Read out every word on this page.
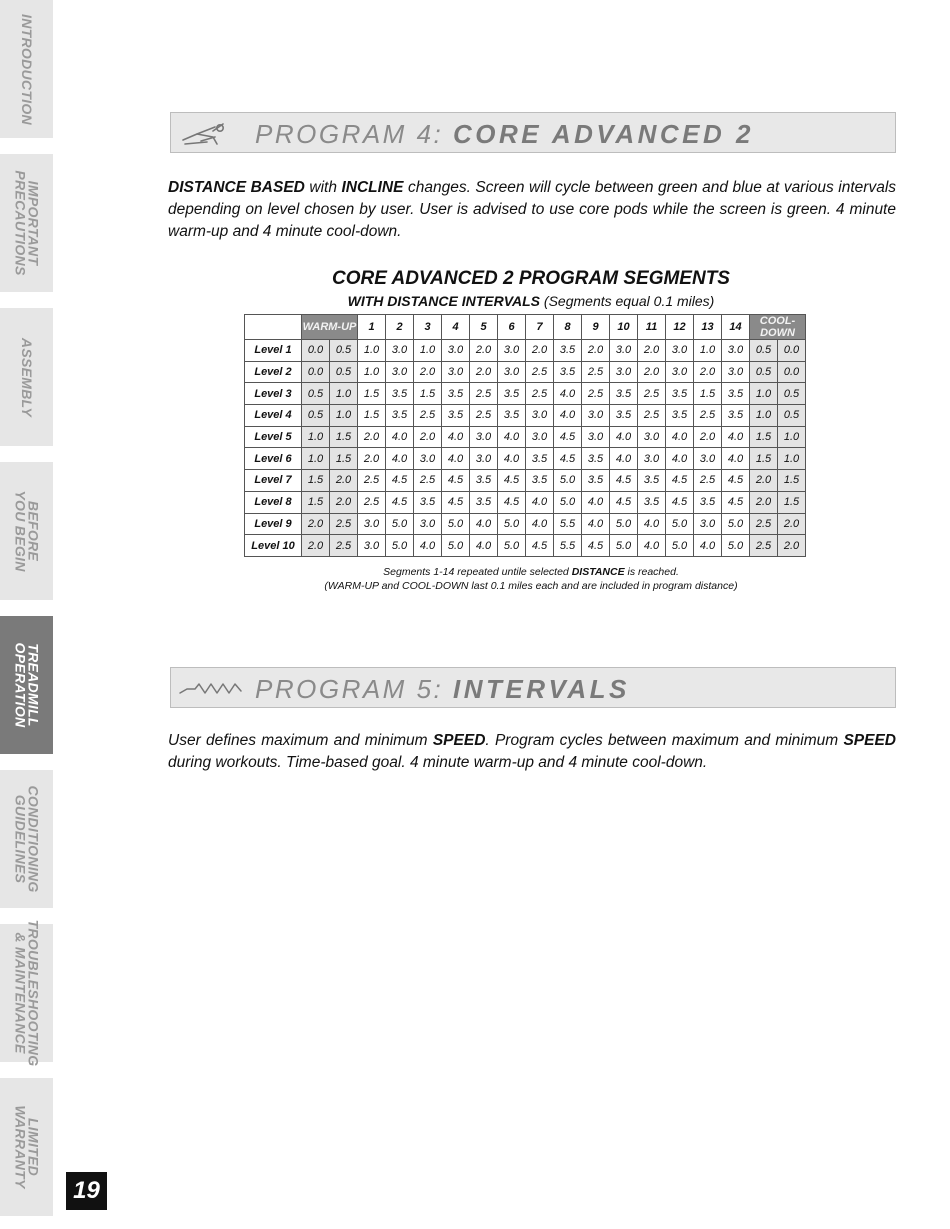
INTRODUCTION
IMPORTANT
PRECAUTIONS
ASSEMBLY
BEFORE
YOU BEGIN
TREADMILL
OPERATION
CONDITIONING
GUIDELINES
TROUBLESHOOTING
& MAINTENANCE
LIMITED
WARRANTY
19
PROGRAM 4: CORE ADVANCED 2
DISTANCE BASED with INCLINE changes. Screen will cycle between green and blue at various intervals depending on level chosen by user. User is advised to use core pods while the screen is green. 4 minute warm-up and 4 minute cool-down.
CORE ADVANCED 2 PROGRAM SEGMENTS
WITH DISTANCE INTERVALS (Segments equal 0.1 miles)
	WARM-UP		1	2	3	4	5	6	7	8	9	10	11	12	13	14	COOL-DOWN	
Level 1	0.0	0.5	1.0	3.0	1.0	3.0	2.0	3.0	2.0	3.5	2.0	3.0	2.0	3.0	1.0	3.0	0.5	0.0
Level 2	0.0	0.5	1.0	3.0	2.0	3.0	2.0	3.0	2.5	3.5	2.5	3.0	2.0	3.0	2.0	3.0	0.5	0.0
Level 3	0.5	1.0	1.5	3.5	1.5	3.5	2.5	3.5	2.5	4.0	2.5	3.5	2.5	3.5	1.5	3.5	1.0	0.5
Level 4	0.5	1.0	1.5	3.5	2.5	3.5	2.5	3.5	3.0	4.0	3.0	3.5	2.5	3.5	2.5	3.5	1.0	0.5
Level 5	1.0	1.5	2.0	4.0	2.0	4.0	3.0	4.0	3.0	4.5	3.0	4.0	3.0	4.0	2.0	4.0	1.5	1.0
Level 6	1.0	1.5	2.0	4.0	3.0	4.0	3.0	4.0	3.5	4.5	3.5	4.0	3.0	4.0	3.0	4.0	1.5	1.0
Level 7	1.5	2.0	2.5	4.5	2.5	4.5	3.5	4.5	3.5	5.0	3.5	4.5	3.5	4.5	2.5	4.5	2.0	1.5
Level 8	1.5	2.0	2.5	4.5	3.5	4.5	3.5	4.5	4.0	5.0	4.0	4.5	3.5	4.5	3.5	4.5	2.0	1.5
Level 9	2.0	2.5	3.0	5.0	3.0	5.0	4.0	5.0	4.0	5.5	4.0	5.0	4.0	5.0	3.0	5.0	2.5	2.0
Level 10	2.0	2.5	3.0	5.0	4.0	5.0	4.0	5.0	4.5	5.5	4.5	5.0	4.0	5.0	4.0	5.0	2.5	2.0
Segments 1-14 repeated untile selected DISTANCE is reached.
(WARM-UP and COOL-DOWN last 0.1 miles each and are included in program distance)
PROGRAM 5: INTERVALS
User defines maximum and minimum SPEED. Program cycles between maximum and minimum SPEED during workouts. Time-based goal. 4 minute warm-up and 4 minute cool-down.
